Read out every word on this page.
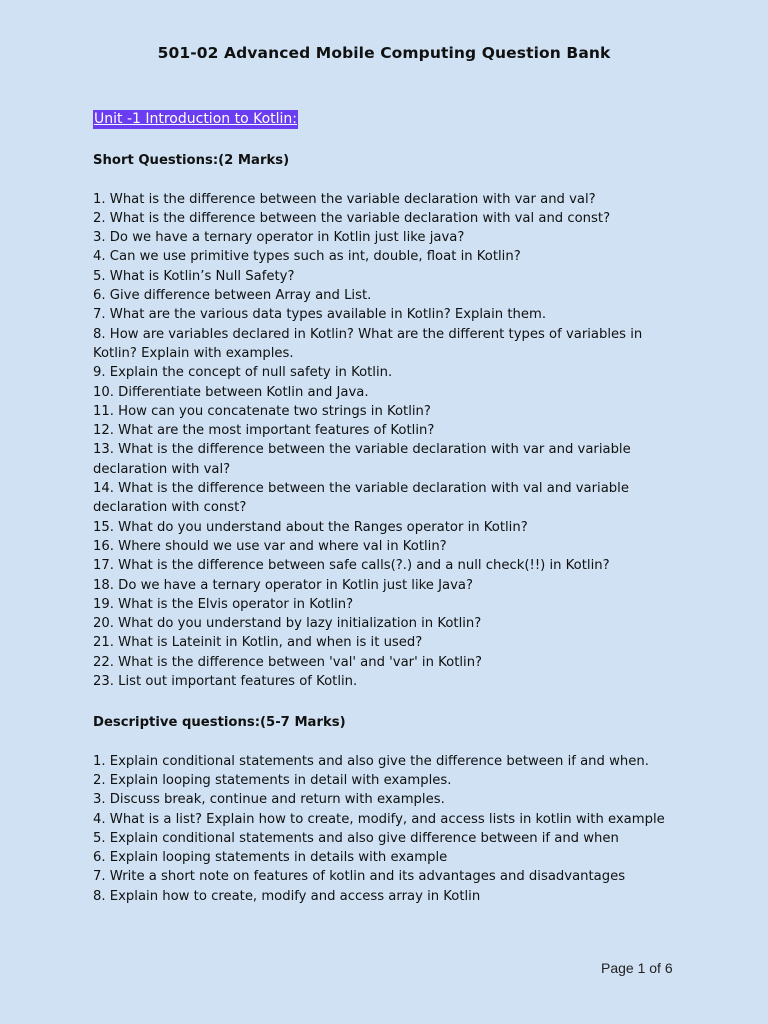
501-02 Advanced Mobile Computing Question Bank
Unit -1 Introduction to Kotlin:
Short Questions:(2 Marks)
1. What is the difference between the variable declaration with var and val?
2. What is the difference between the variable declaration with val and const?
3. Do we have a ternary operator in Kotlin just like java?
4. Can we use primitive types such as int, double, float in Kotlin?
5. What is Kotlin’s Null Safety?
6. Give difference between Array and List.
7. What are the various data types available in Kotlin? Explain them.
8. How are variables declared in Kotlin? What are the different types of variables in Kotlin? Explain with examples.
9. Explain the concept of null safety in Kotlin.
10. Differentiate between Kotlin and Java.
11. How can you concatenate two strings in Kotlin?
12. What are the most important features of Kotlin?
13. What is the difference between the variable declaration with var and variable declaration with val?
14. What is the difference between the variable declaration with val and variable declaration with const?
15. What do you understand about the Ranges operator in Kotlin?
16. Where should we use var and where val in Kotlin?
17. What is the difference between safe calls(?.) and a null check(!!) in Kotlin?
18. Do we have a ternary operator in Kotlin just like Java?
19. What is the Elvis operator in Kotlin?
20. What do you understand by lazy initialization in Kotlin?
21. What is Lateinit in Kotlin, and when is it used?
22. What is the difference between 'val' and 'var' in Kotlin?
23. List out important features of Kotlin.
Descriptive questions:(5-7 Marks)
1. Explain conditional statements and also give the difference between if and when.
2. Explain looping statements in detail with examples.
3. Discuss break, continue and return with examples.
4. What is a list? Explain how to create, modify, and access lists in kotlin with example
5. Explain conditional statements and also give difference between if and when
6. Explain looping statements in details with example
7. Write a short note on features of kotlin and its advantages and disadvantages
8. Explain how to create, modify and access array in Kotlin
Page 1 of 6
